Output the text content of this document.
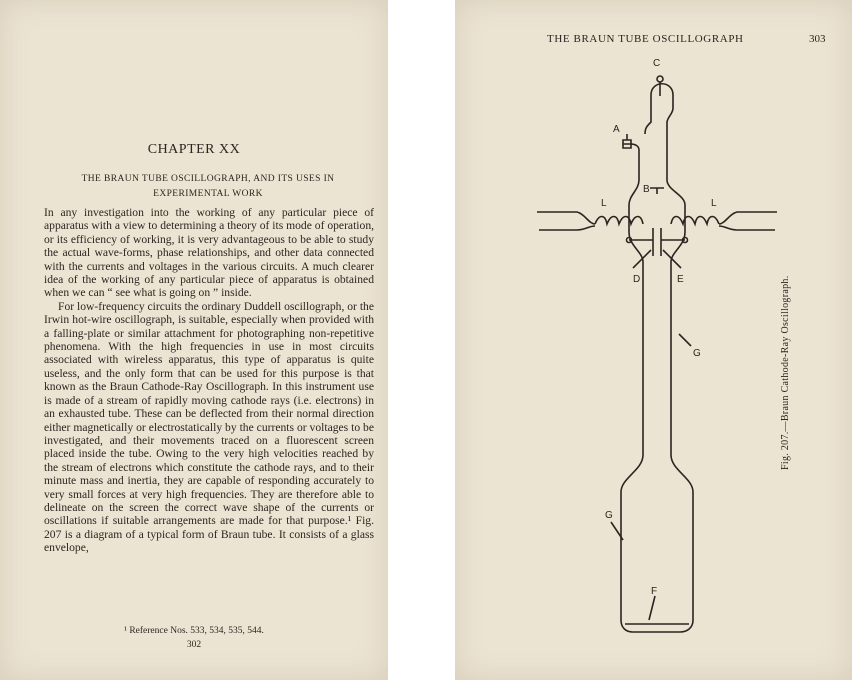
CHAPTER XX
THE BRAUN TUBE OSCILLOGRAPH, AND ITS USES IN EXPERIMENTAL WORK

In any investigation into the working of any particular piece of apparatus with a view to determining a theory of its mode of operation, or its efficiency of working, it is very advantageous to be able to study the actual wave-forms, phase relationships, and other data connected with the currents and voltages in the various circuits. A much clearer idea of the working of any particular piece of apparatus is obtained when we can “ see what is going on ” inside.

For low-frequency circuits the ordinary Duddell oscillograph, or the Irwin hot-wire oscillograph, is suitable, especially when provided with a falling-plate or similar attachment for photographing non-repetitive phenomena. With the high frequencies in use in most circuits associated with wireless apparatus, this type of apparatus is quite useless, and the only form that can be used for this purpose is that known as the Braun Cathode-Ray Oscillograph. In this instrument use is made of a stream of rapidly moving cathode rays (i.e. electrons) in an exhausted tube. These can be deflected from their normal direction either magnetically or electrostatically by the currents or voltages to be investigated, and their movements traced on a fluorescent screen placed inside the tube. Owing to the very high velocities reached by the stream of electrons which constitute the cathode rays, and to their minute mass and inertia, they are capable of responding accurately to very small forces at very high frequencies. They are therefore able to delineate on the screen the correct wave shape of the currents or oscillations if suitable arrangements are made for that purpose.¹ Fig. 207 is a diagram of a typical form of Braun tube. It consists of a glass envelope,

¹ Reference Nos. 533, 534, 535, 544.
302
THE BRAUN TUBE OSCILLOGRAPH	303
C
A
B
L	L
D	E
G
G
F
Fig. 207.—Braun Cathode-Ray Oscillograph.
